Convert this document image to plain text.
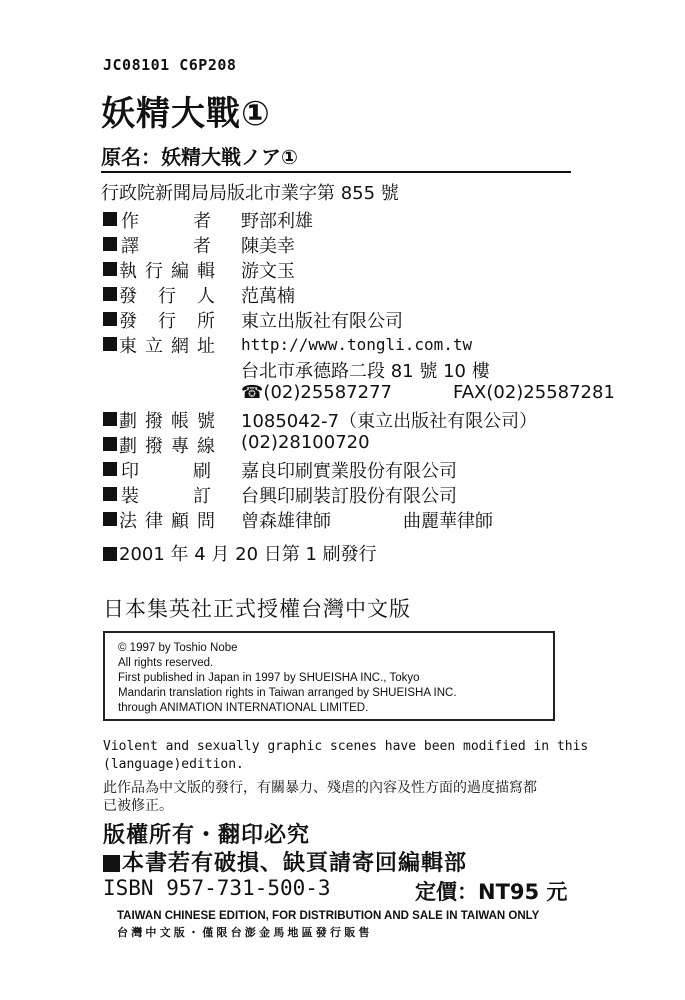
JC08101 C6P208
妖精大戰①
原名：妖精大戦ノア①
行政院新聞局局版北市業字第 855 號
作	者 野部利雄
譯	者 陳美幸
執 行 編 輯 游文玉
發 行 人 范萬楠
發 行 所 東立出版社有限公司
東 立 網 址 http://www.tongli.com.tw
台北市承德路二段 81 號 10 樓
☎(02)25587277	FAX(02)25587281
劃 撥 帳 號 1085042-7（東立出版社有限公司）
劃 撥 專 線 (02)28100720
印	刷 嘉良印刷實業股份有限公司
裝	訂 台興印刷裝訂股份有限公司
法 律 顧 問 曾森雄律師	曲麗華律師
2001 年 4 月 20 日第 1 刷發行
日本集英社正式授權台灣中文版
© 1997 by Toshio Nobe
All rights reserved.
First published in Japan in 1997 by SHUEISHA INC., Tokyo
Mandarin translation rights in Taiwan arranged by SHUEISHA INC.
through ANIMATION INTERNATIONAL LIMITED.
Violent and sexually graphic scenes have been modified in this
(language)edition.
此作品為中文版的發行，有關暴力、殘虐的內容及性方面的過度描寫都
已被修正。
版權所有・翻印必究
本書若有破損、缺頁請寄回編輯部
ISBN 957-731-500-3	定價：NT95 元
TAIWAN CHINESE EDITION, FOR DISTRIBUTION AND SALE IN TAIWAN ONLY
台灣中文版・僅限台澎金馬地區發行販售
